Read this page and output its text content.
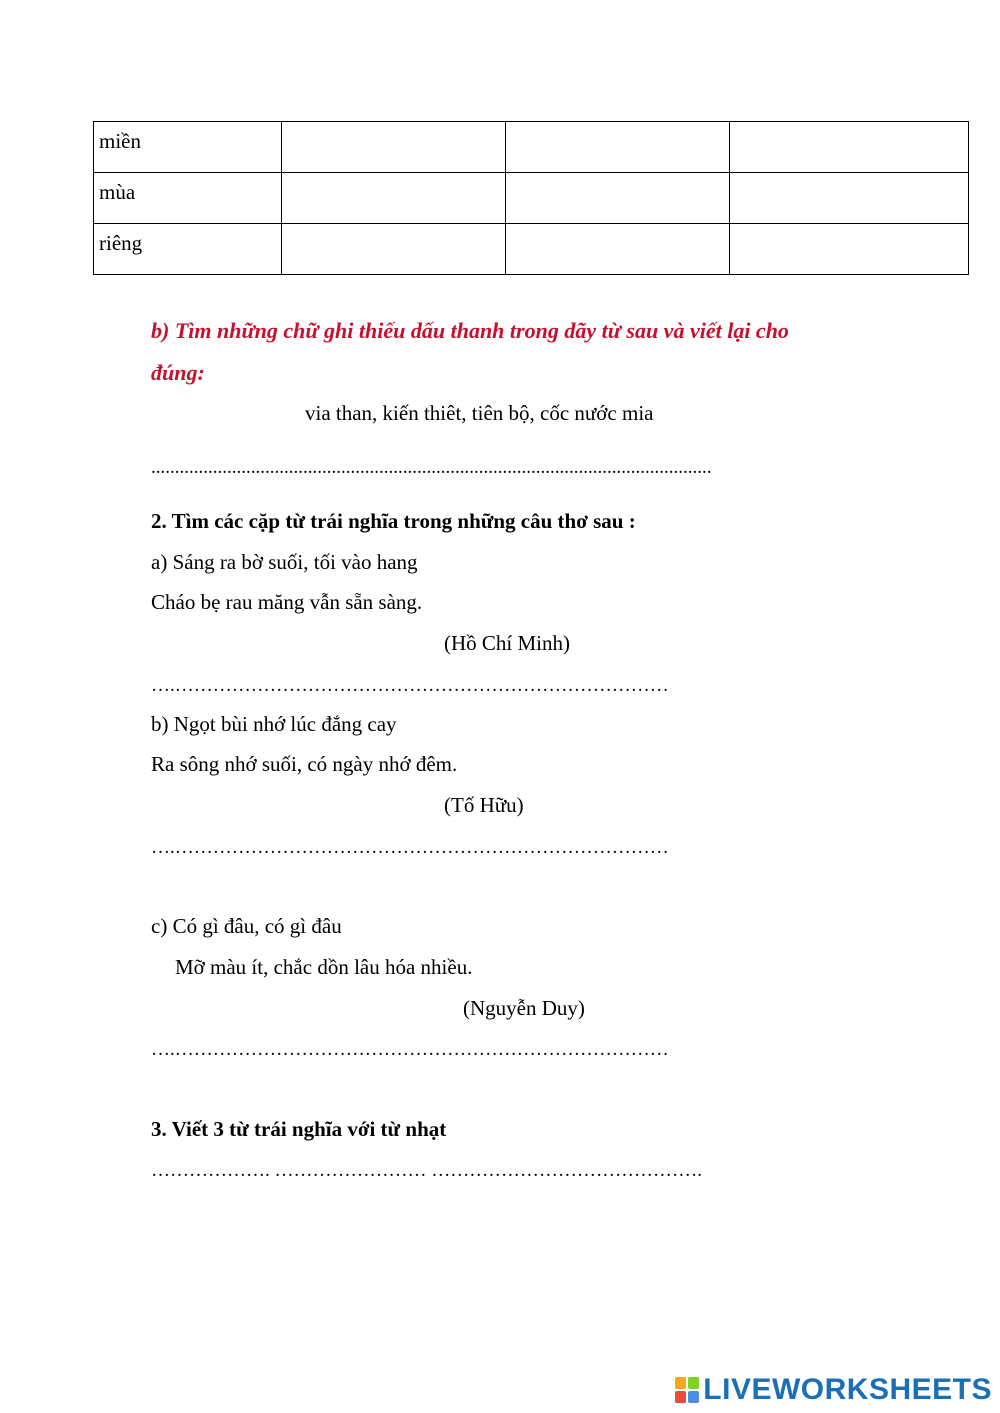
miền			
mùa			
riêng			
b) Tìm những chữ ghi thiếu dấu thanh trong dãy từ sau và viết lại cho
đúng:
via than, kiến thiêt, tiên bộ, cốc nước mia
......................................................................................................................
2. Tìm các cặp từ trái nghĩa trong những câu thơ sau :
a) Sáng ra bờ suối, tối vào hang
Cháo bẹ rau măng vẫn sẵn sàng.
(Hồ Chí Minh)
….……………………………………………………………………
b) Ngọt bùi nhớ lúc đắng cay
Ra sông nhớ suối, có ngày nhớ đêm.
(Tố Hữu)
….……………………………………………………………………
c) Có gì đâu, có gì đâu
Mỡ màu ít, chắc dồn lâu hóa nhiều.
(Nguyễn Duy)
….……………………………………………………………………
3. Viết 3 từ trái nghĩa với từ nhạt
………………. …………………… …………………………………….
LIVEWORKSHEETS
